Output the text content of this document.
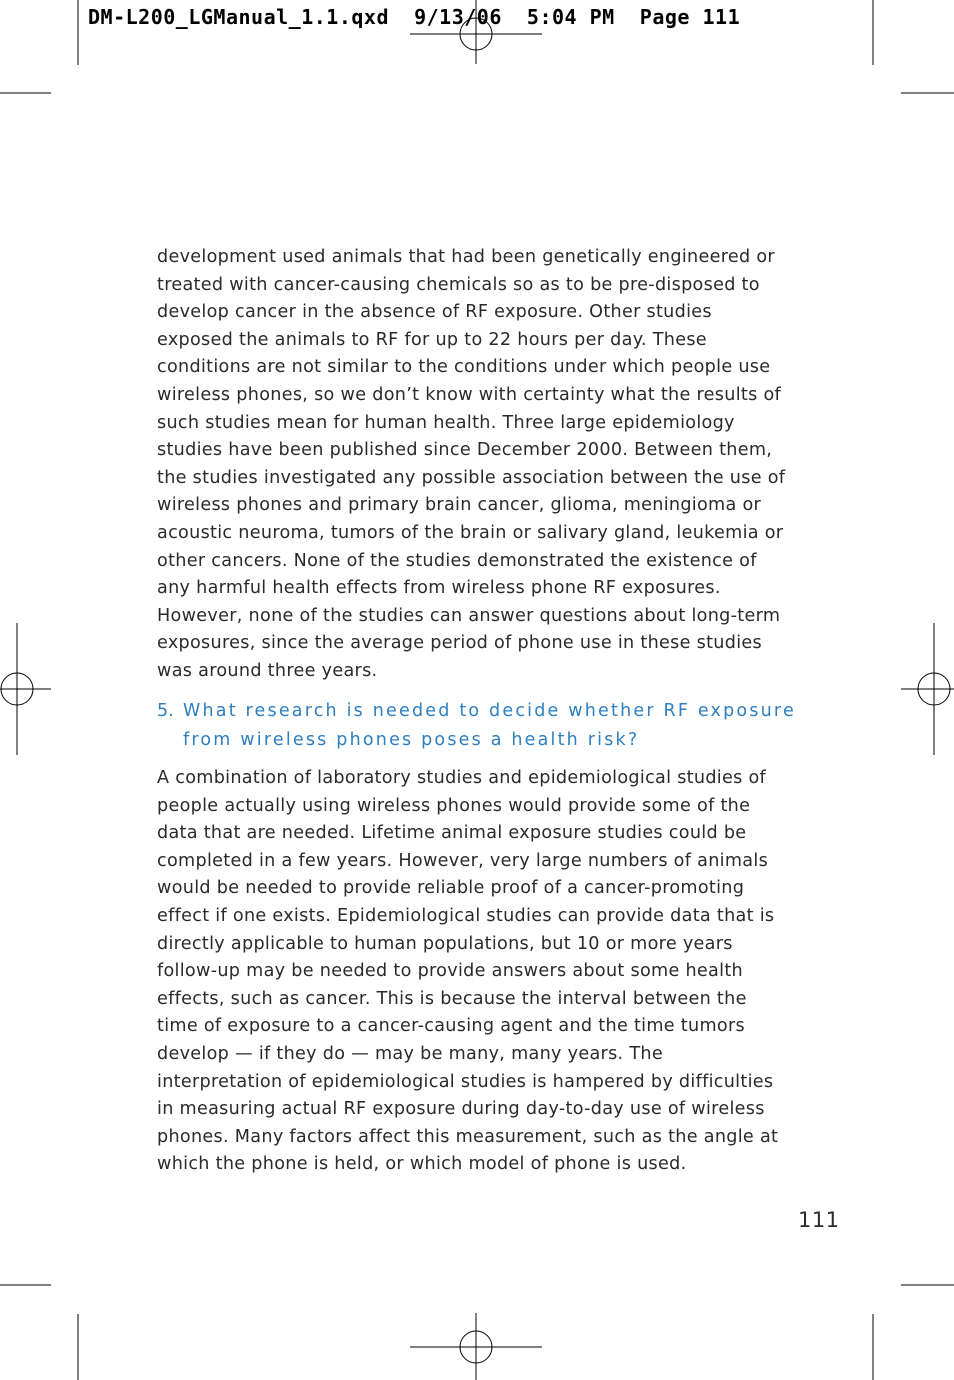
DM-L200_LGManual_1.1.qxd  9/13/06  5:04 PM  Page 111

development used animals that had been genetically engineered or treated with cancer-causing chemicals so as to be pre-disposed to develop cancer in the absence of RF exposure. Other studies exposed the animals to RF for up to 22 hours per day. These conditions are not similar to the conditions under which people use wireless phones, so we don’t know with certainty what the results of such studies mean for human health. Three large epidemiology studies have been published since December 2000. Between them, the studies investigated any possible association between the use of wireless phones and primary brain cancer, glioma, meningioma or acoustic neuroma, tumors of the brain or salivary gland, leukemia or other cancers. None of the studies demonstrated the existence of any harmful health effects from wireless phone RF exposures. However, none of the studies can answer questions about long-term exposures, since the average period of phone use in these studies was around three years.

5. What research is needed to decide whether RF exposure
from wireless phones poses a health risk?

A combination of laboratory studies and epidemiological studies of people actually using wireless phones would provide some of the data that are needed. Lifetime animal exposure studies could be completed in a few years. However, very large numbers of animals would be needed to provide reliable proof of a cancer-promoting effect if one exists. Epidemiological studies can provide data that is directly applicable to human populations, but 10 or more years follow-up may be needed to provide answers about some health effects, such as cancer. This is because the interval between the time of exposure to a cancer-causing agent and the time tumors develop — if they do — may be many, many years. The interpretation of epidemiological studies is hampered by difficulties in measuring actual RF exposure during day-to-day use of wireless phones. Many factors affect this measurement, such as the angle at which the phone is held, or which model of phone is used.

111
